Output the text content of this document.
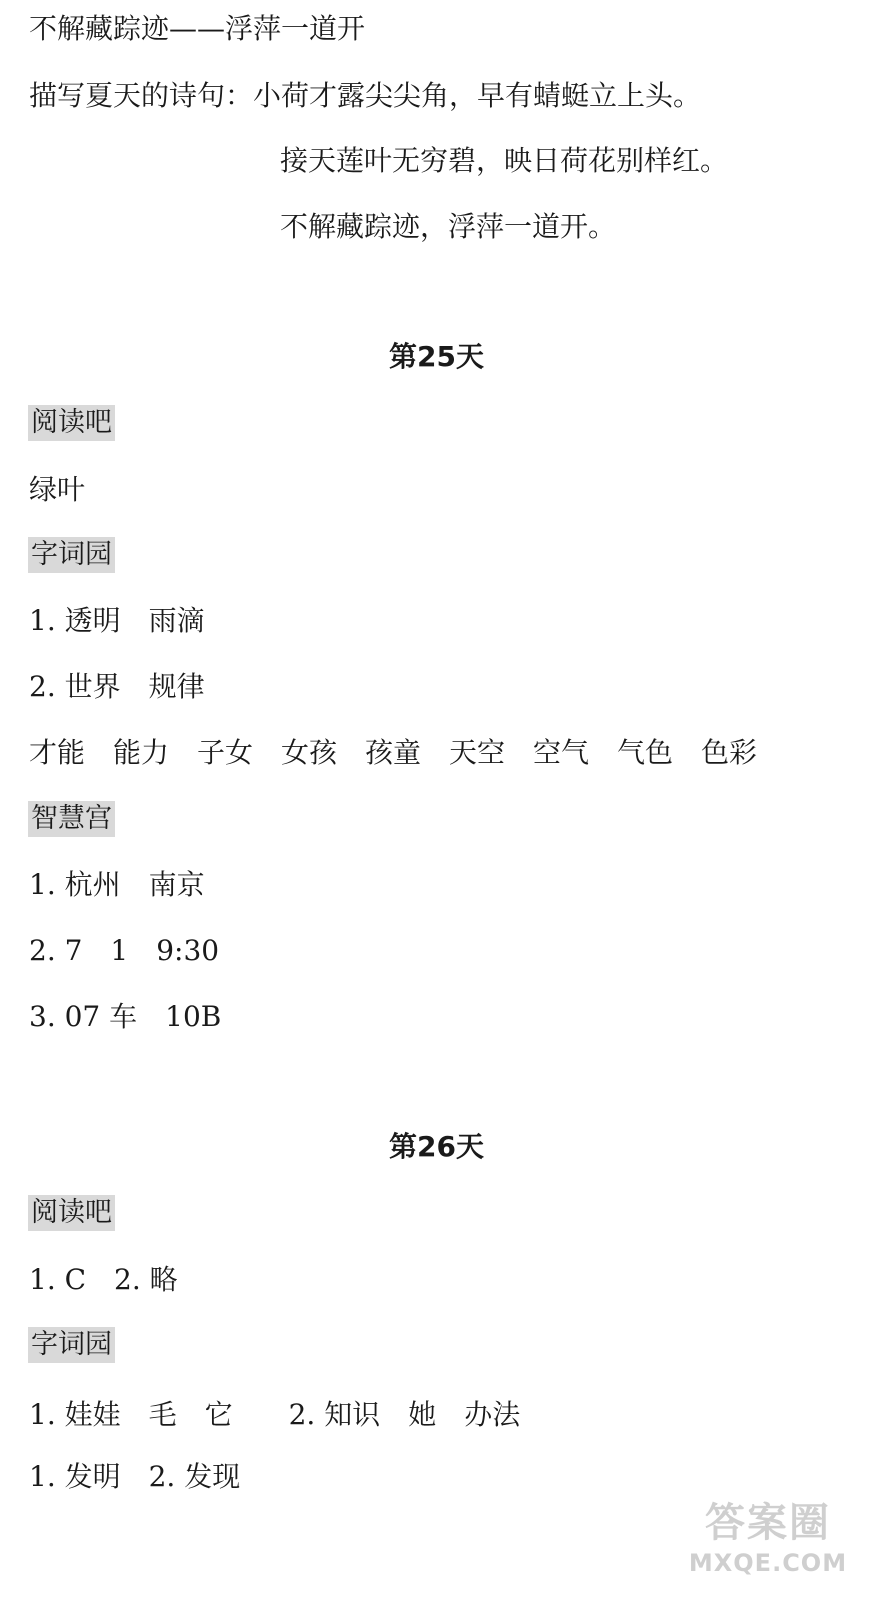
不解藏踪迹——浮萍一道开
描写夏天的诗句：小荷才露尖尖角，早有蜻蜓立上头。
接天莲叶无穷碧，映日荷花别样红。
不解藏踪迹，浮萍一道开。
第25天
阅读吧
绿叶
字词园
1. 透明　雨滴
2. 世界　规律
才能　能力　子女　女孩　孩童　天空　空气　气色　色彩
智慧宫
1. 杭州　南京
2. 7　1　9:30
3. 07 车　10B
第26天
阅读吧
1. C　2. 略
字词园
1. 娃娃　毛　它　　2. 知识　她　办法
1. 发明　2. 发现
答案圈
MXQE.COM
